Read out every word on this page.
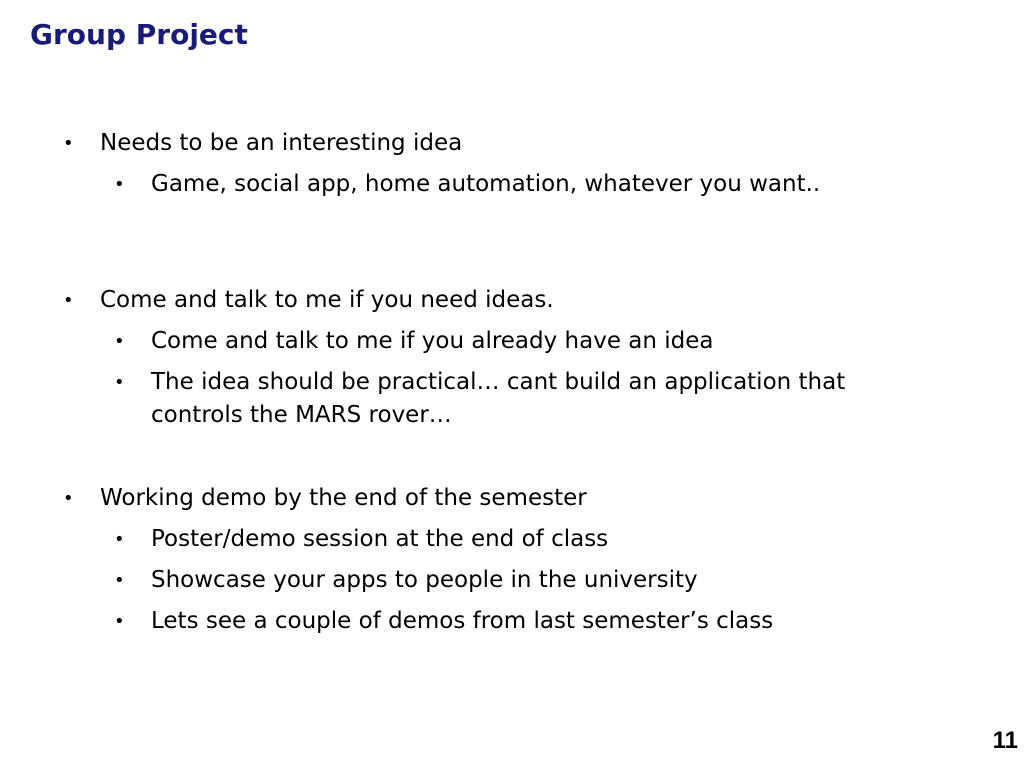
Group Project
• Needs to be an interesting idea
• Game, social app, home automation, whatever you want..
• Come and talk to me if you need ideas.
• Come and talk to me if you already have an idea
• The idea should be practical… cant build an application that controls the MARS rover…
• Working demo by the end of the semester
• Poster/demo session at the end of class
• Showcase your apps to people in the university
• Lets see a couple of demos from last semester’s class
11
